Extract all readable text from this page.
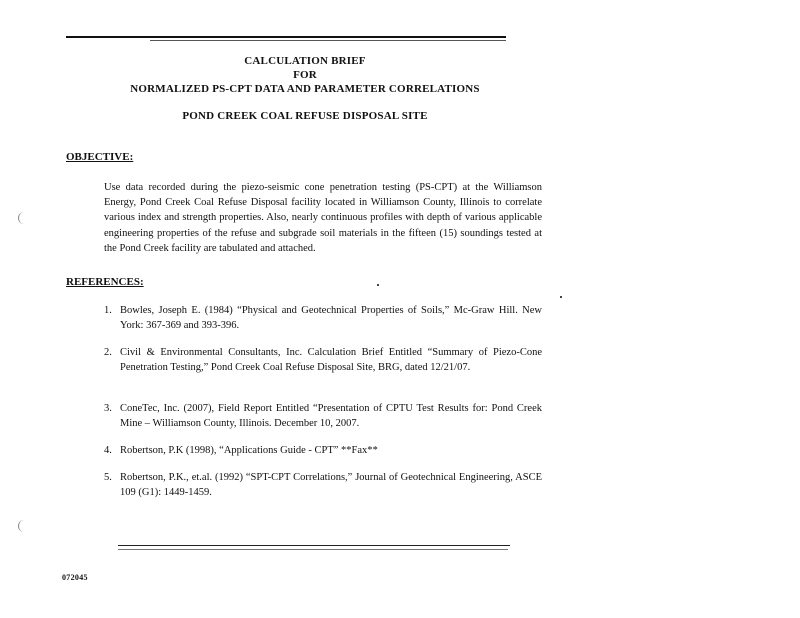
CALCULATION BRIEF
FOR
NORMALIZED PS-CPT DATA AND PARAMETER CORRELATIONS
POND CREEK COAL REFUSE DISPOSAL SITE
OBJECTIVE:

Use data recorded during the piezo-seismic cone penetration testing (PS-CPT) at the Williamson Energy, Pond Creek Coal Refuse Disposal facility located in Williamson County, Illinois to correlate various index and strength properties. Also, nearly continuous profiles with depth of various applicable engineering properties of the refuse and subgrade soil materials in the fifteen (15) soundings tested at the Pond Creek facility are tabulated and attached.

REFERENCES:
1. Bowles, Joseph E. (1984) “Physical and Geotechnical Properties of Soils,” Mc-Graw Hill. New York: 367-369 and 393-396.
2. Civil & Environmental Consultants, Inc. Calculation Brief Entitled “Summary of Piezo-Cone Penetration Testing,” Pond Creek Coal Refuse Disposal Site, BRG, dated 12/21/07.
3. ConeTec, Inc. (2007), Field Report Entitled “Presentation of CPTU Test Results for: Pond Creek Mine – Williamson County, Illinois. December 10, 2007.
4. Robertson, P.K (1998), “Applications Guide - CPT” **Fax**
5. Robertson, P.K., et.al. (1992) “SPT-CPT Correlations,” Journal of Geotechnical Engineering, ASCE 109 (G1): 1449-1459.
072045
